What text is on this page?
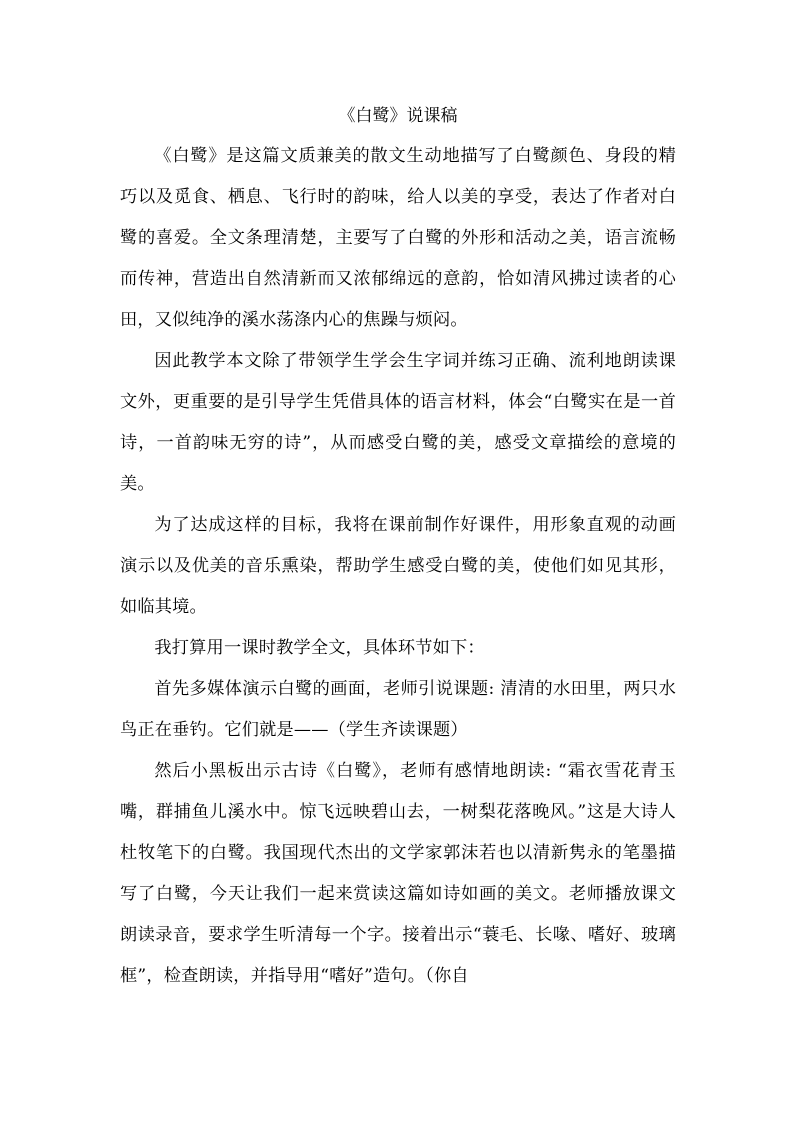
《白鹭》说课稿

《白鹭》是这篇文质兼美的散文生动地描写了白鹭颜色、身段的精巧以及觅食、栖息、飞行时的韵味，给人以美的享受，表达了作者对白鹭的喜爱。全文条理清楚，主要写了白鹭的外形和活动之美，语言流畅而传神，营造出自然清新而又浓郁绵远的意韵，恰如清风拂过读者的心田，又似纯净的溪水荡涤内心的焦躁与烦闷。

因此教学本文除了带领学生学会生字词并练习正确、流利地朗读课文外，更重要的是引导学生凭借具体的语言材料，体会“白鹭实在是一首诗，一首韵味无穷的诗”，从而感受白鹭的美，感受文章描绘的意境的美。

为了达成这样的目标，我将在课前制作好课件，用形象直观的动画演示以及优美的音乐熏染，帮助学生感受白鹭的美，使他们如见其形，如临其境。

我打算用一课时教学全文，具体环节如下：

首先多媒体演示白鹭的画面，老师引说课题: 清清的水田里，两只水鸟正在垂钓。它们就是——（学生齐读课题）

然后小黑板出示古诗《白鹭》，老师有感情地朗读: “霜衣雪花青玉嘴，群捕鱼儿溪水中。惊飞远映碧山去，一树梨花落晚风。”这是大诗人杜牧笔下的白鹭。我国现代杰出的文学家郭沫若也以清新隽永的笔墨描写了白鹭，今天让我们一起来赏读这篇如诗如画的美文。老师播放课文朗读录音，要求学生听清每一个字。接着出示“蓑毛、长喙、嗜好、玻璃框”，检查朗读，并指导用“嗜好”造句。（你自
